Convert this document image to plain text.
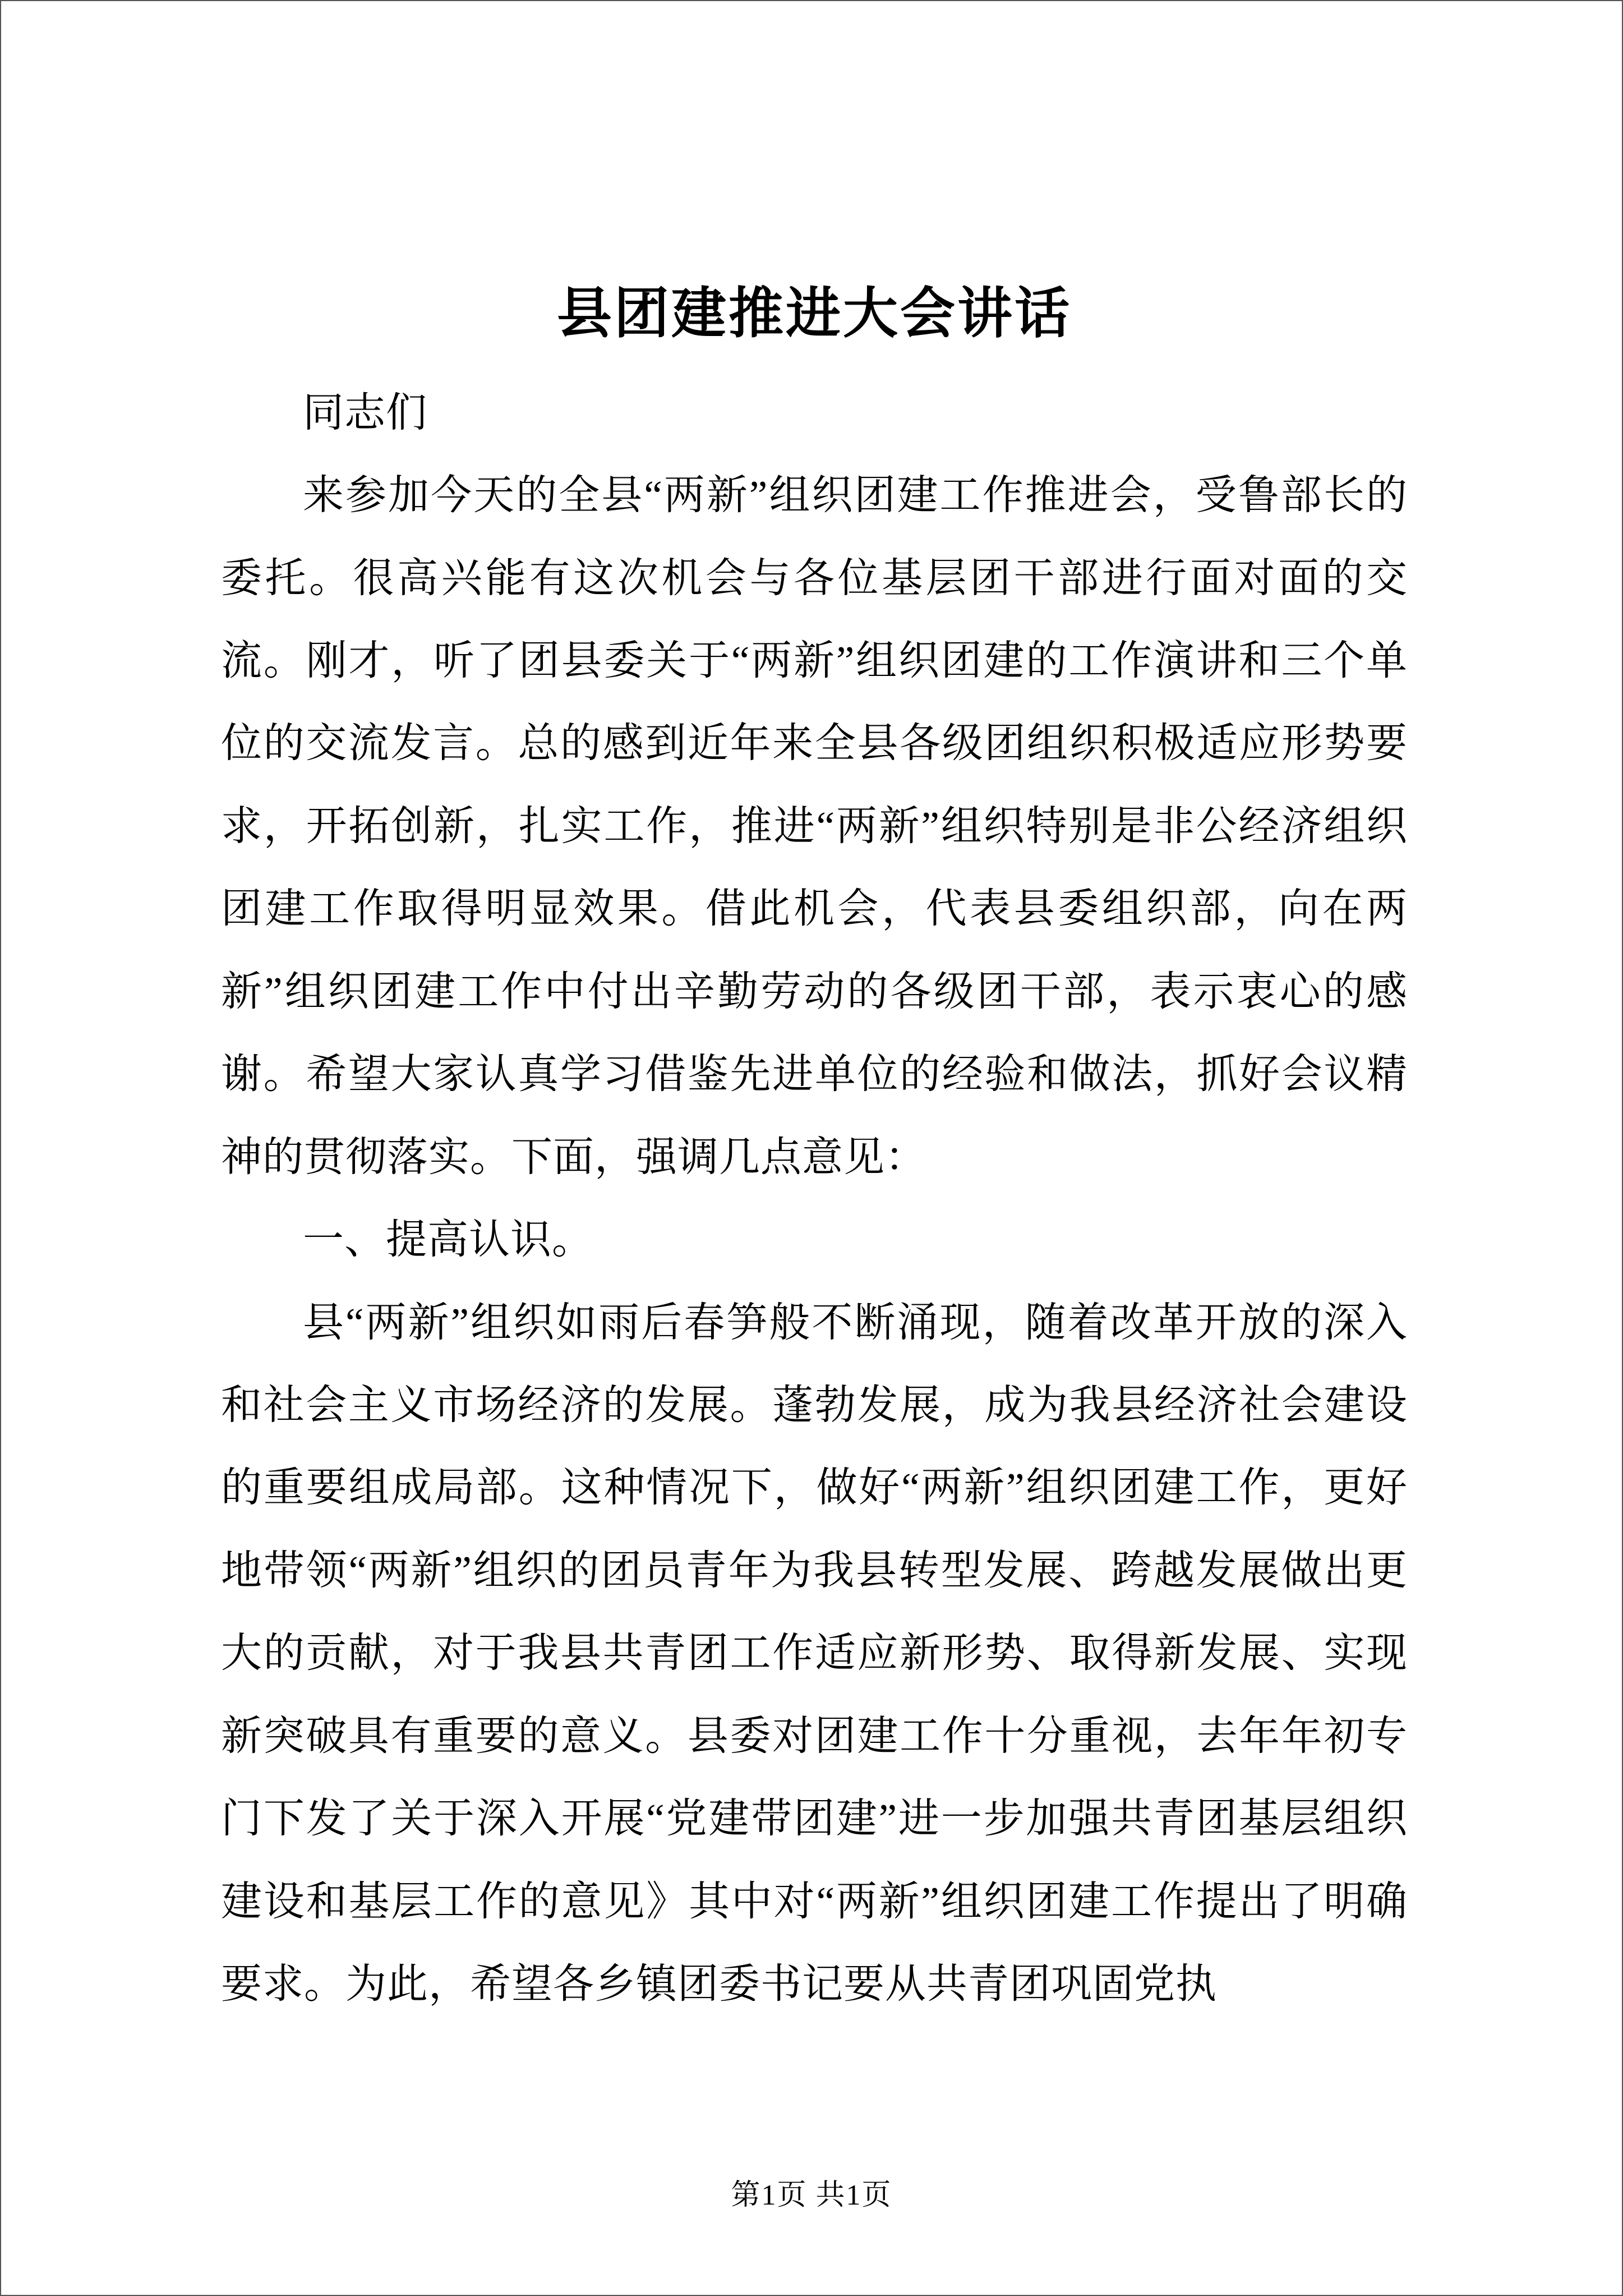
县团建推进大会讲话

同志们

来参加今天的全县“两新”组织团建工作推进会，受鲁部长的委托。很高兴能有这次机会与各位基层团干部进行面对面的交流。刚才，听了团县委关于“两新”组织团建的工作演讲和三个单位的交流发言。总的感到近年来全县各级团组织积极适应形势要求，开拓创新，扎实工作，推进“两新”组织特别是非公经济组织团建工作取得明显效果。借此机会，代表县委组织部，向在两新”组织团建工作中付出辛勤劳动的各级团干部，表示衷心的感谢。希望大家认真学习借鉴先进单位的经验和做法，抓好会议精神的贯彻落实。下面，强调几点意见：

一、提高认识。

县“两新”组织如雨后春笋般不断涌现，随着改革开放的深入和社会主义市场经济的发展。蓬勃发展，成为我县经济社会建设的重要组成局部。这种情况下，做好“两新”组织团建工作，更好地带领“两新”组织的团员青年为我县转型发展、跨越发展做出更大的贡献，对于我县共青团工作适应新形势、取得新发展、实现新突破具有重要的意义。县委对团建工作十分重视，去年年初专门下发了关于深入开展“党建带团建”进一步加强共青团基层组织建设和基层工作的意见》其中对“两新”组织团建工作提出了明确要求。为此，希望各乡镇团委书记要从共青团巩固党执

第1页 共1页
